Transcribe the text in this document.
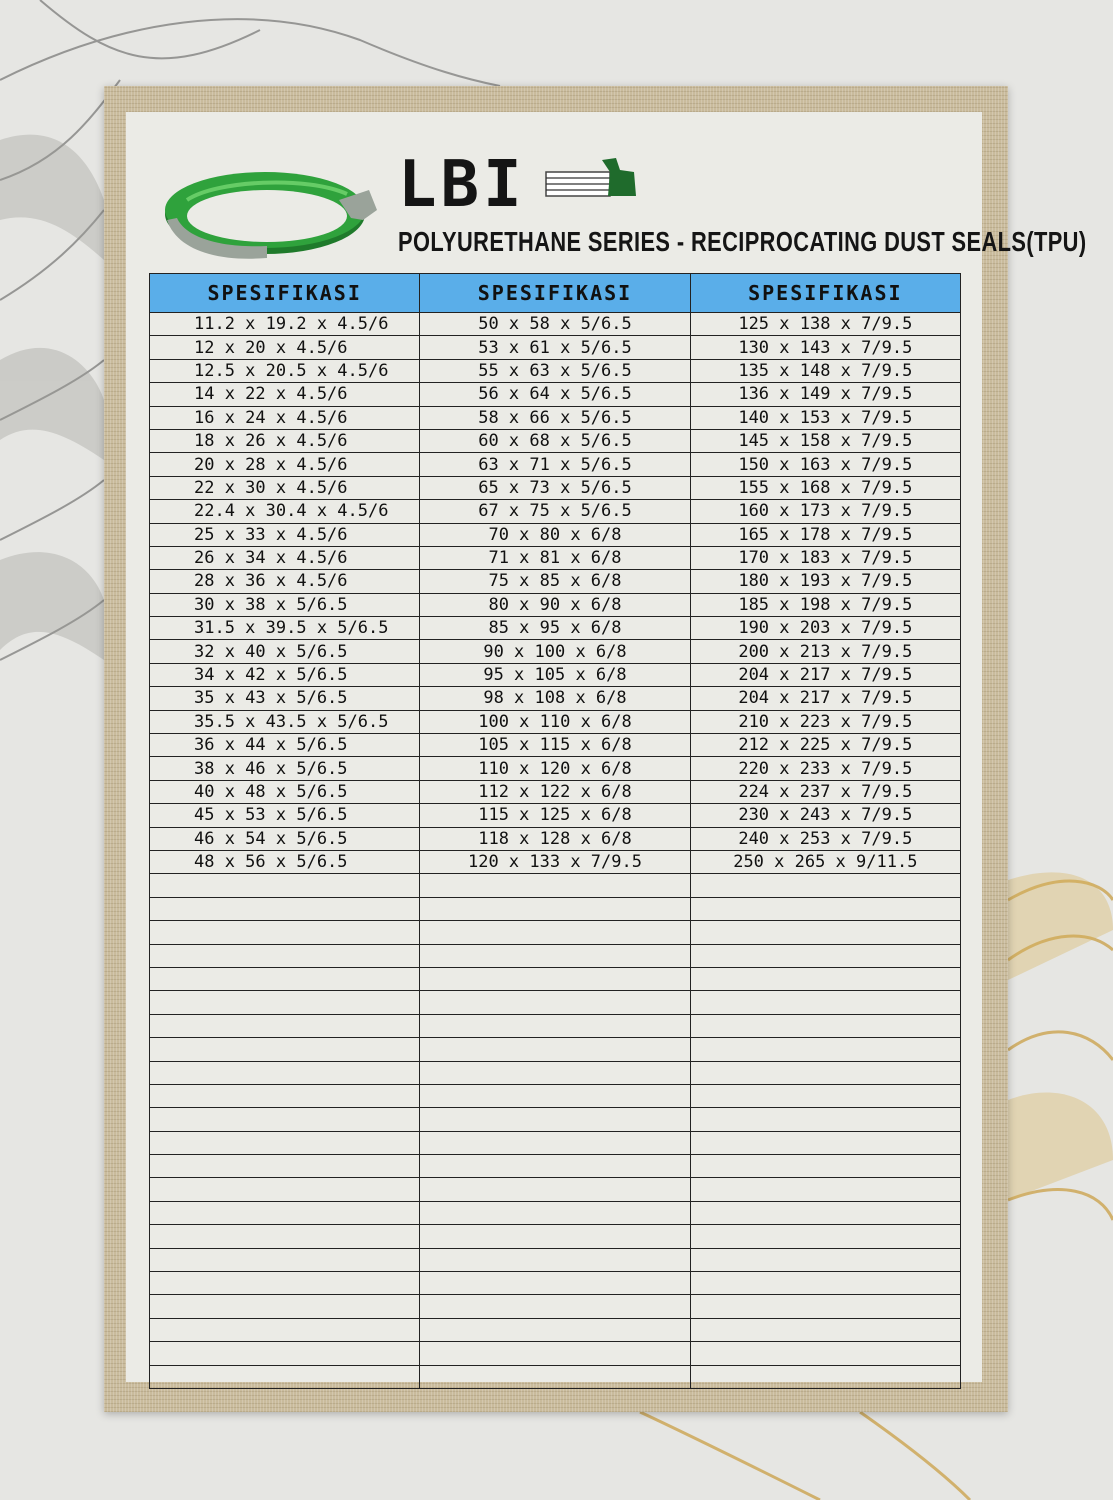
LBI
POLYURETHANE SERIES - RECIPROCATING DUST SEALS(TPU)
SPESIFIKASI	SPESIFIKASI	SPESIFIKASI
11.2 x 19.2 x 4.5/6	50 x 58 x 5/6.5	125 x 138 x 7/9.5
12 x 20 x 4.5/6	53 x 61 x 5/6.5	130 x 143 x 7/9.5
12.5 x 20.5 x 4.5/6	55 x 63 x 5/6.5	135 x 148 x 7/9.5
14 x 22 x 4.5/6	56 x 64 x 5/6.5	136 x 149 x 7/9.5
16 x 24 x 4.5/6	58 x 66 x 5/6.5	140 x 153 x 7/9.5
18 x 26 x 4.5/6	60 x 68 x 5/6.5	145 x 158 x 7/9.5
20 x 28 x 4.5/6	63 x 71 x 5/6.5	150 x 163 x 7/9.5
22 x 30 x 4.5/6	65 x 73 x 5/6.5	155 x 168 x 7/9.5
22.4 x 30.4 x 4.5/6	67 x 75 x 5/6.5	160 x 173 x 7/9.5
25 x 33 x 4.5/6	70 x 80 x 6/8	165 x 178 x 7/9.5
26 x 34 x 4.5/6	71 x 81 x 6/8	170 x 183 x 7/9.5
28 x 36 x 4.5/6	75 x 85 x 6/8	180 x 193 x 7/9.5
30 x 38 x 5/6.5	80 x 90 x 6/8	185 x 198 x 7/9.5
31.5 x 39.5 x 5/6.5	85 x 95 x 6/8	190 x 203 x 7/9.5
32 x 40 x 5/6.5	90 x 100 x 6/8	200 x 213 x 7/9.5
34 x 42 x 5/6.5	95 x 105 x 6/8	204 x 217 x 7/9.5
35 x 43 x 5/6.5	98 x 108 x 6/8	204 x 217 x 7/9.5
35.5 x 43.5 x 5/6.5	100 x 110 x 6/8	210 x 223 x 7/9.5
36 x 44 x 5/6.5	105 x 115 x 6/8	212 x 225 x 7/9.5
38 x 46 x 5/6.5	110 x 120 x 6/8	220 x 233 x 7/9.5
40 x 48 x 5/6.5	112 x 122 x 6/8	224 x 237 x 7/9.5
45 x 53 x 5/6.5	115 x 125 x 6/8	230 x 243 x 7/9.5
46 x 54 x 5/6.5	118 x 128 x 6/8	240 x 253 x 7/9.5
48 x 56 x 5/6.5	120 x 133 x 7/9.5	250 x 265 x 9/11.5
